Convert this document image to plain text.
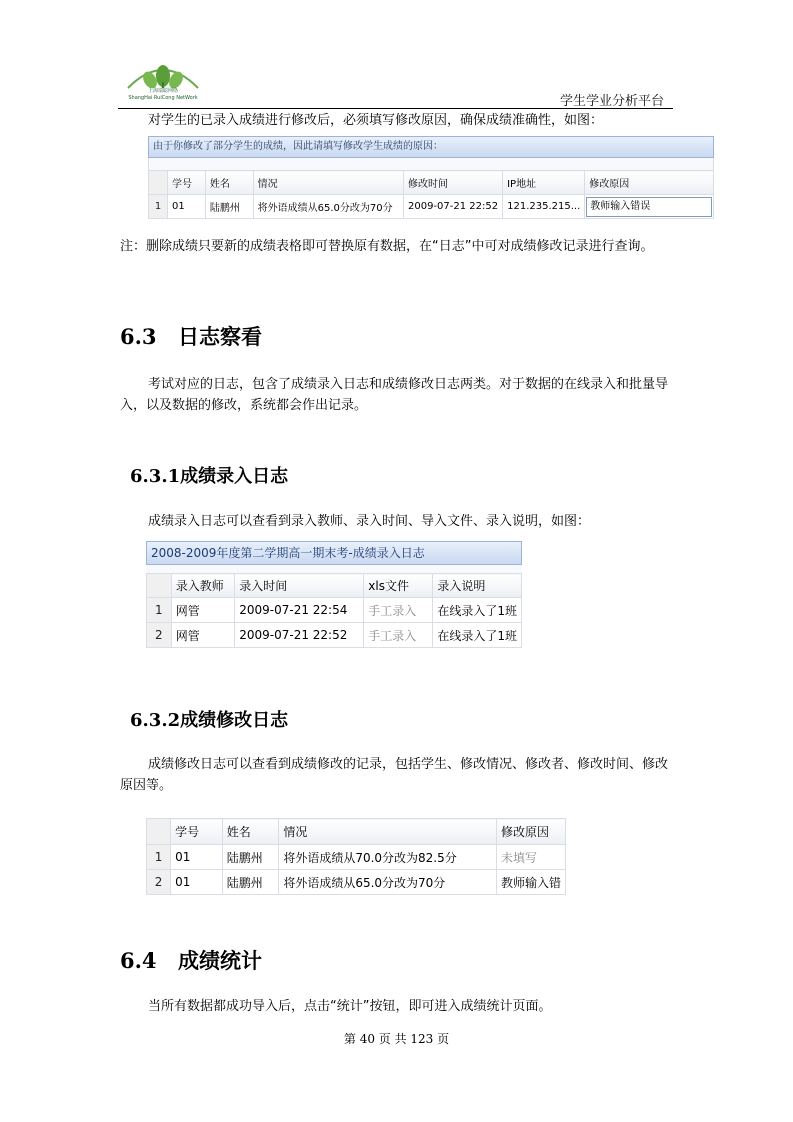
上海瑞聪网络
ShangHai RuiCong NetWork	学生学业分析平台
对学生的已录入成绩进行修改后，必须填写修改原因，确保成绩准确性，如图：
由于你修改了部分学生的成绩，因此请填写修改学生成绩的原因：
	学号	姓名	情况	修改时间	IP地址	修改原因
1	01	陆鹏州	将外语成绩从65.0分改为70分	2009-07-21 22:52	121.235.215...	教师输入错误
注：删除成绩只要新的成绩表格即可替换原有数据，在“日志”中可对成绩修改记录进行查询。
6.3 日志察看
考试对应的日志，包含了成绩录入日志和成绩修改日志两类。对于数据的在线录入和批量导入，以及数据的修改，系统都会作出记录。
6.3.1成绩录入日志
成绩录入日志可以查看到录入教师、录入时间、导入文件、录入说明，如图：
2008-2009年度第二学期高一期末考-成绩录入日志
	录入教师	录入时间	xls文件	录入说明
1	网管	2009-07-21 22:54	手工录入	在线录入了1班
2	网管	2009-07-21 22:52	手工录入	在线录入了1班
6.3.2成绩修改日志
成绩修改日志可以查看到成绩修改的记录，包括学生、修改情况、修改者、修改时间、修改原因等。
	学号	姓名	情况	修改原因
1	01	陆鹏州	将外语成绩从70.0分改为82.5分	未填写
2	01	陆鹏州	将外语成绩从65.0分改为70分	教师输入错
6.4 成绩统计
当所有数据都成功导入后，点击“统计”按钮，即可进入成绩统计页面。
第 40 页 共 123 页
